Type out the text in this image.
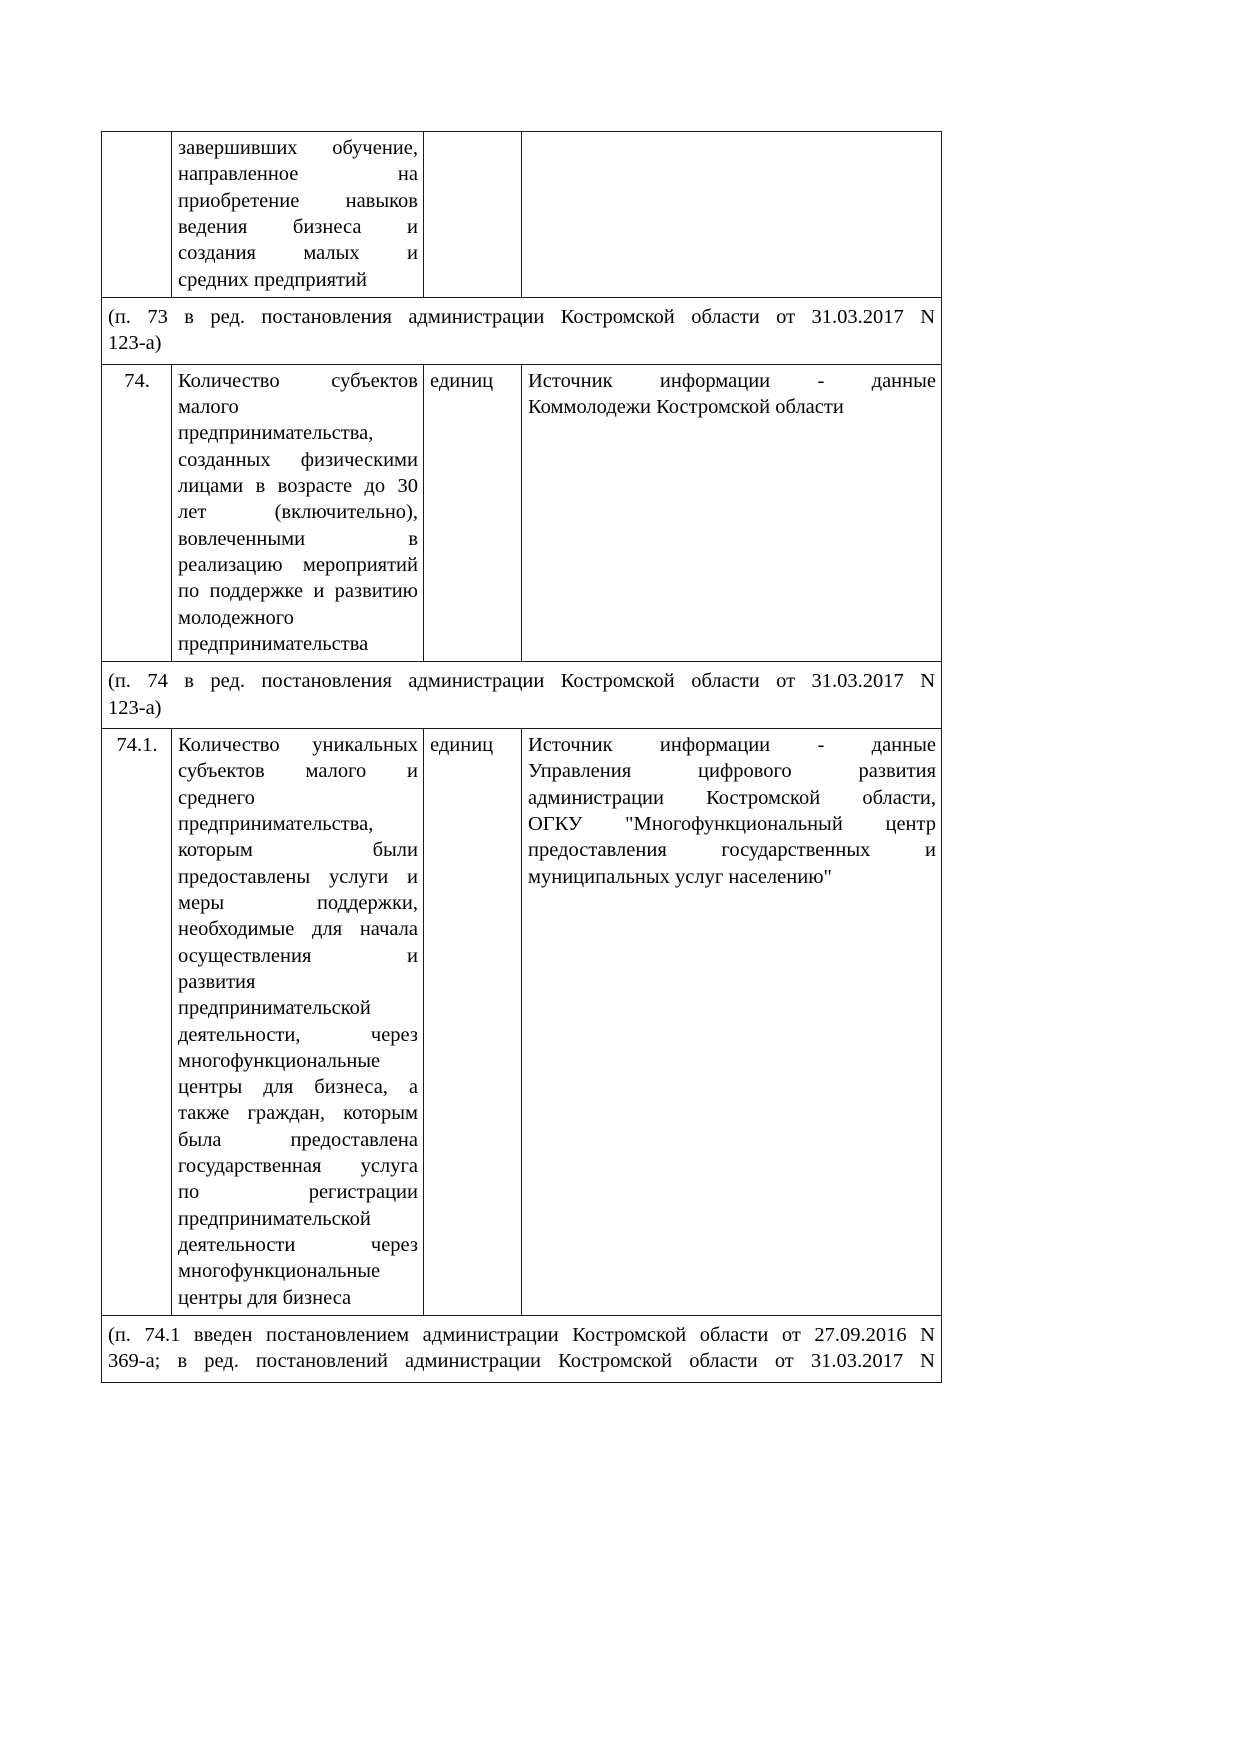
завершивших обучение,
направленное на
приобретение навыков
ведения бизнеса и
создания малых и
средних предприятий

(п. 73 в ред. постановления администрации Костромской области от 31.03.2017 N
123-а)			

74.	Количество субъектов
малого
предпринимательства,
созданных физическими
лицами в возрасте до 30
лет (включительно),
вовлеченными в
реализацию мероприятий
по поддержке и развитию
молодежного
предпринимательства
	единиц	Источник информации - данные
Коммолодежи Костромской области

(п. 74 в ред. постановления администрации Костромской области от 31.03.2017 N
123-а)			

74.1.	Количество уникальных
субъектов малого и
среднего
предпринимательства,
которым были
предоставлены услуги и
меры поддержки,
необходимые для начала
осуществления и
развития
предпринимательской
деятельности, через
многофункциональные
центры для бизнеса, а
также граждан, которым
была предоставлена
государственная услуга
по регистрации
предпринимательской
деятельности через
многофункциональные
центры для бизнеса
	единиц	Источник информации - данные
Управления цифрового развития
администрации Костромской области,
ОГКУ "Многофункциональный центр
предоставления государственных и
муниципальных услуг населению"

(п. 74.1 введен постановлением администрации Костромской области от 27.09.2016 N
369-а; в ред. постановлений администрации Костромской области от 31.03.2017 N			
